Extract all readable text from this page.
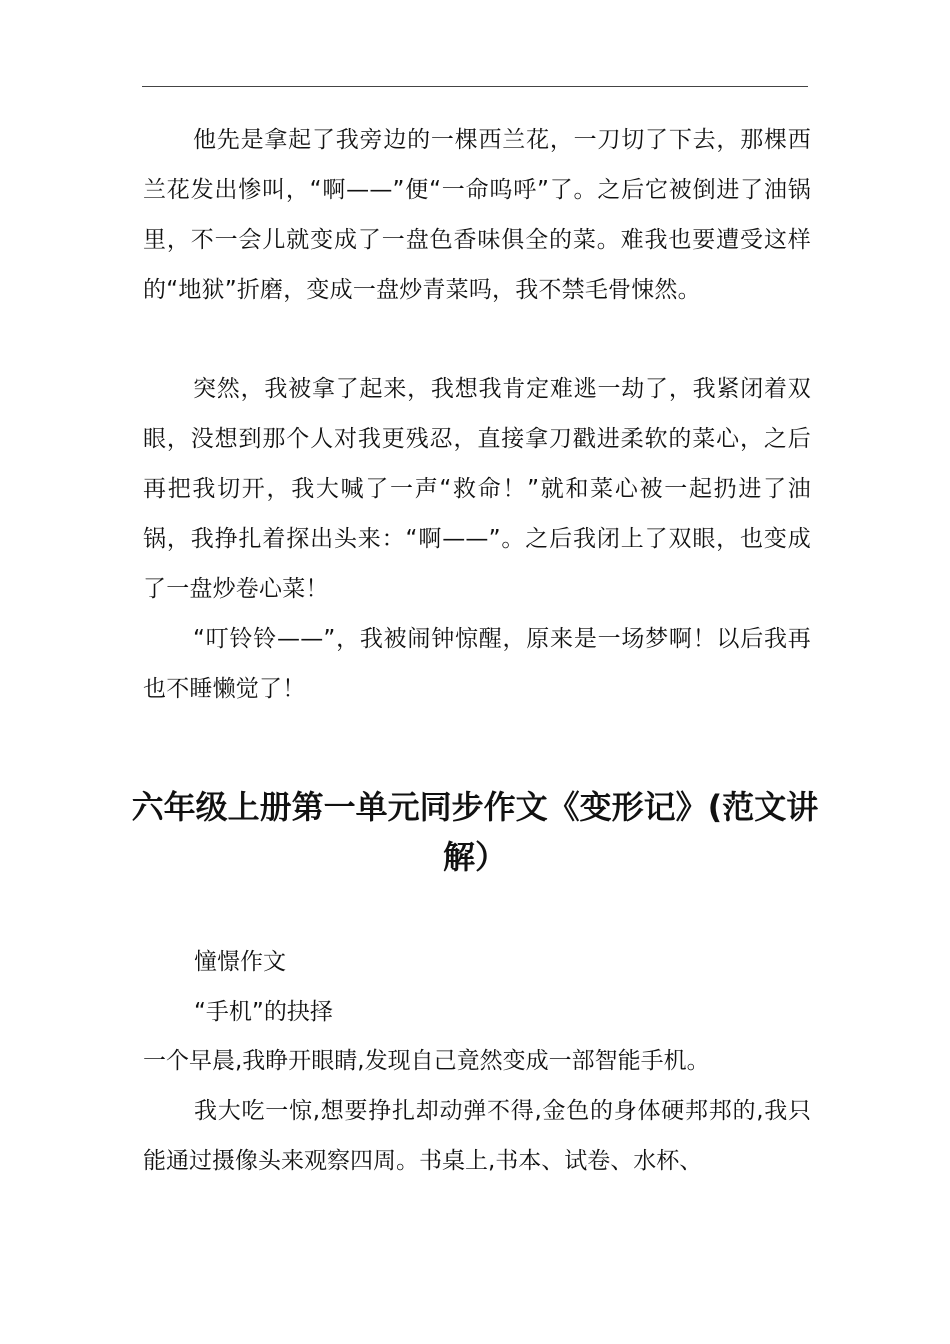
他先是拿起了我旁边的一棵西兰花，一刀切了下去，那棵西兰花发出惨叫，“啊——”便“一命呜呼”了。之后它被倒进了油锅里，不一会儿就变成了一盘色香味俱全的菜。难我也要遭受这样的“地狱”折磨，变成一盘炒青菜吗，我不禁毛骨悚然。

突然，我被拿了起来，我想我肯定难逃一劫了，我紧闭着双眼，没想到那个人对我更残忍，直接拿刀戳进柔软的菜心，之后再把我切开，我大喊了一声“救命！”就和菜心被一起扔进了油锅，我挣扎着探出头来：“啊——”。之后我闭上了双眼，也变成了一盘炒卷心菜！

“叮铃铃——”，我被闹钟惊醒，原来是一场梦啊！以后我再也不睡懒觉了！

六年级上册第一单元同步作文《变形记》(范文讲解）

憧憬作文

“手机”的抉择

一个早晨,我睁开眼睛,发现自己竟然变成一部智能手机。

我大吃一惊,想要挣扎却动弹不得,金色的身体硬邦邦的,我只能通过摄像头来观察四周。书桌上,书本、试卷、水杯、
